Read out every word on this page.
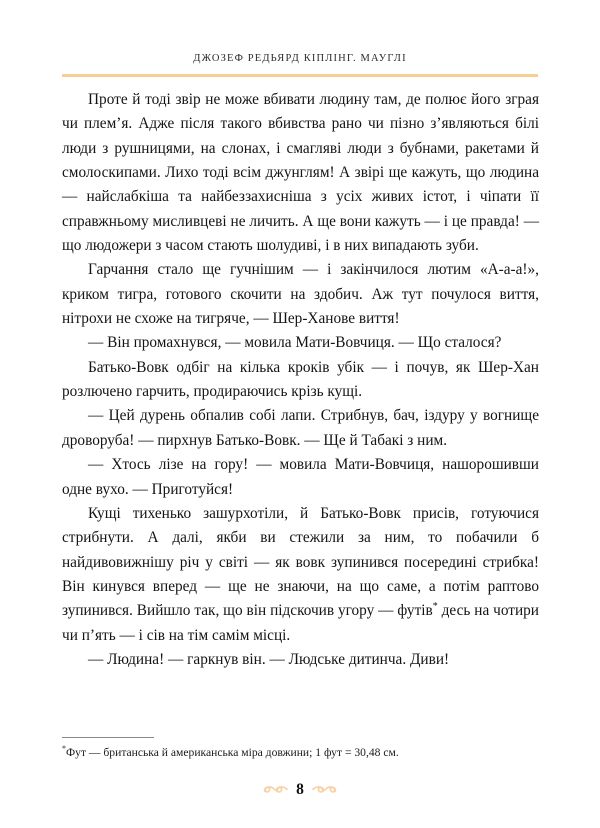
ДЖОЗЕФ РЕДЬЯРД КІПЛІНГ. МАУГЛІ

Проте й тоді звір не може вбивати людину там, де полює його зграя чи плем’я. Адже після такого вбивства рано чи пізно з’являються білі люди з рушницями, на слонах, і смагляві люди з бубнами, ракетами й смолоскипами. Лихо тоді всім джунглям! А звірі ще кажуть, що людина — найслабкіша та найбеззахисніша з усіх живих істот, і чіпати її справжньому мисливцеві не личить. А ще вони кажуть — і це правда! — що людожери з часом стають шолудиві, і в них випадають зуби.

Гарчання стало ще гучнішим — і закінчилося лютим «А-а-а!», криком тигра, готового скочити на здобич. Аж тут почулося виття, нітрохи не схоже на тигряче, — Шер-Ханове виття!

— Він промахнувся, — мовила Мати-Вовчиця. — Що сталося?

Батько-Вовк одбіг на кілька кроків убік — і почув, як Шер-Хан розлючено гарчить, продираючись крізь кущі.

— Цей дурень обпалив собі лапи. Стрибнув, бач, іздуру у вогнище дроворуба! — пирхнув Батько-Вовк. — Ще й Табакі з ним.

— Хтось лізе на гору! — мовила Мати-Вовчиця, нашорошивши одне вухо. — Приготуйся!

Кущі тихенько зашурхотіли, й Батько-Вовк присів, готуючися стрибнути. А далі, якби ви стежили за ним, то побачили б найдивовижнішу річ у світі — як вовк зупинився посередині стрибка! Він кинувся вперед — ще не знаючи, на що саме, а потім раптово зупинився. Вийшло так, що він підскочив угору — футів* десь на чотири чи п’ять — і сів на тім самім місці.

— Людина! — гаркнув він. — Людське дитинча. Диви!

*Фут — британська й американська міра довжини; 1 фут = 30,48 см.
8
